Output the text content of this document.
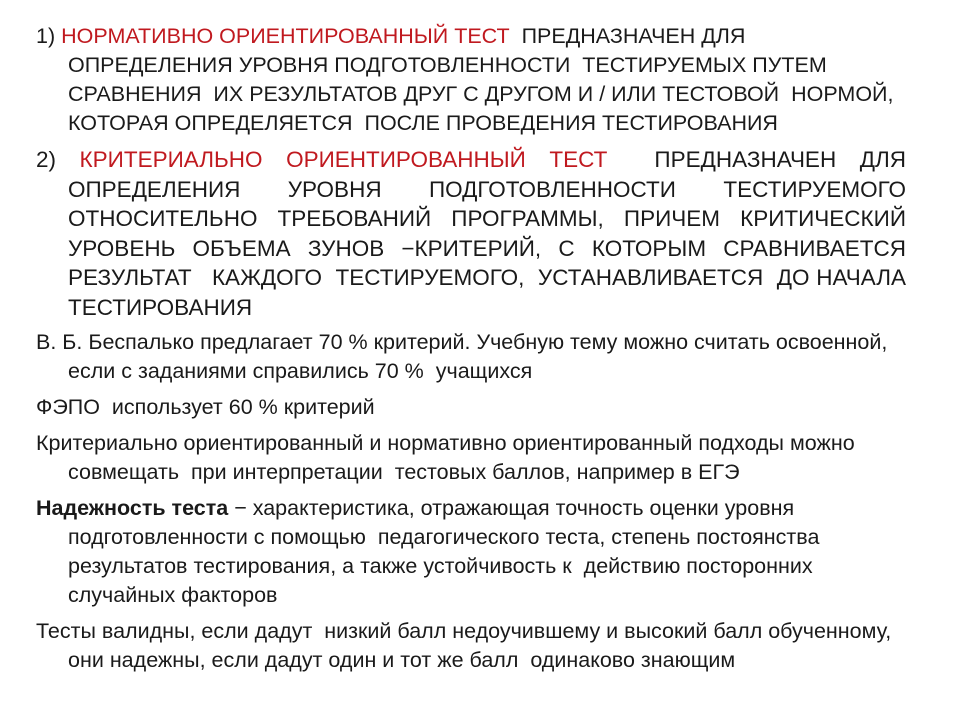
1) НОРМАТИВНО ОРИЕНТИРОВАННЫЙ ТЕСТ  ПРЕДНАЗНАЧЕН ДЛЯ ОПРЕДЕЛЕНИЯ УРОВНЯ ПОДГОТОВЛЕННОСТИ  ТЕСТИРУЕМЫХ ПУТЕМ СРАВНЕНИЯ  ИХ РЕЗУЛЬТАТОВ ДРУГ С ДРУГОМ И / ИЛИ ТЕСТОВОЙ  НОРМОЙ, КОТОРАЯ ОПРЕДЕЛЯЕТСЯ  ПОСЛЕ ПРОВЕДЕНИЯ ТЕСТИРОВАНИЯ

2)  КРИТЕРИАЛЬНО  ОРИЕНТИРОВАННЫЙ  ТЕСТ    ПРЕДНАЗНАЧЕН  ДЛЯ ОПРЕДЕЛЕНИЯ   УРОВНЯ   ПОДГОТОВЛЕННОСТИ   ТЕСТИРУЕМОГО ОТНОСИТЕЛЬНО ТРЕБОВАНИЙ ПРОГРАММЫ, ПРИЧЕМ КРИТИЧЕСКИЙ УРОВЕНЬ ОБЪЕМА ЗУНОВ −КРИТЕРИЙ, С КОТОРЫМ СРАВНИВАЕТСЯ РЕЗУЛЬТАТ   КАЖДОГО  ТЕСТИРУЕМОГО,  УСТАНАВЛИВАЕТСЯ  ДО НАЧАЛА ТЕСТИРОВАНИЯ

В. Б. Беспалько предлагает 70 % критерий. Учебную тему можно считать освоенной, если с заданиями справились 70 %  учащихся

ФЭПО  использует 60 % критерий

Критериально ориентированный и нормативно ориентированный подходы можно совмещать  при интерпретации  тестовых баллов, например в ЕГЭ

Надежность теста − характеристика, отражающая точность оценки уровня подготовленности с помощью  педагогического теста, степень постоянства результатов тестирования, а также устойчивость к  действию посторонних случайных факторов

Тесты валидны, если дадут  низкий балл недоучившему и высокий балл обученному, они надежны, если дадут один и тот же балл  одинаково знающим
